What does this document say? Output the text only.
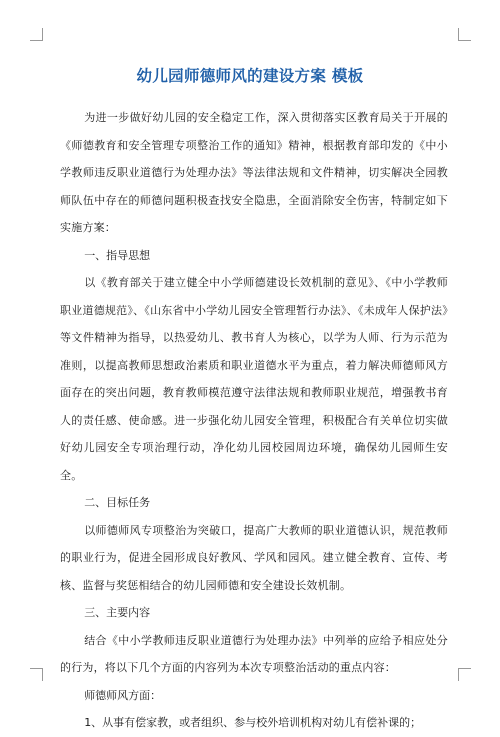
幼儿园师德师风的建设方案 模板

为进一步做好幼儿园的安全稳定工作，深入贯彻落实区教育局关于开展的《师德教育和安全管理专项整治工作的通知》精神，根据教育部印发的《中小学教师违反职业道德行为处理办法》等法律法规和文件精神，切实解决全园教师队伍中存在的师德问题积极查找安全隐患，全面消除安全伤害，特制定如下实施方案：

一、指导思想

以《教育部关于建立健全中小学师德建设长效机制的意见》、《中小学教师职业道德规范》、《山东省中小学幼儿园安全管理暂行办法》、《未成年人保护法》等文件精神为指导，以热爱幼儿、教书育人为核心，以学为人师、行为示范为准则，以提高教师思想政治素质和职业道德水平为重点，着力解决师德师风方面存在的突出问题，教育教师模范遵守法律法规和教师职业规范，增强教书育人的责任感、使命感。进一步强化幼儿园安全管理，积极配合有关单位切实做好幼儿园安全专项治理行动，净化幼儿园校园周边环境，确保幼儿园师生安全。

二、目标任务

以师德师风专项整治为突破口，提高广大教师的职业道德认识，规范教师的职业行为，促进全园形成良好教风、学风和园风。建立健全教育、宣传、考核、监督与奖惩相结合的幼儿园师德和安全建设长效机制。

三、主要内容

结合《中小学教师违反职业道德行为处理办法》中列举的应给予相应处分的行为，将以下几个方面的内容列为本次专项整治活动的重点内容：

师德师风方面：

1、从事有偿家教，或者组织、参与校外培训机构对幼儿有偿补课的；
